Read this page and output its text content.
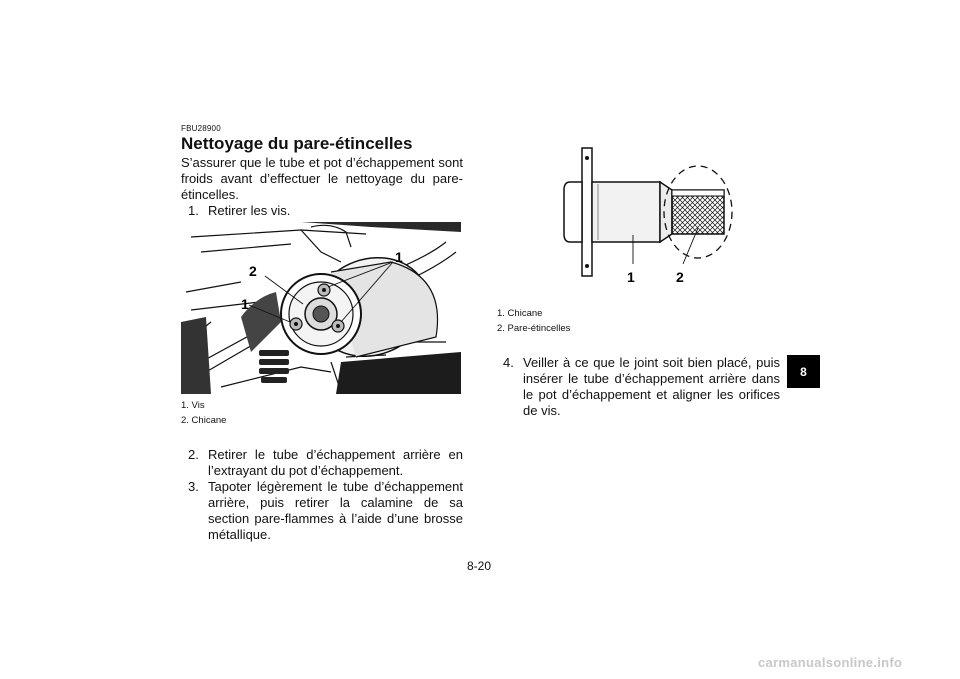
FBU28900
Nettoyage du pare-étincelles
S’assurer que le tube et pot d’échappement sont froids avant d’effectuer le nettoyage du pare-étincelles.
1. Retirer les vis.
2
1
1
1. Vis
2. Chicane
2. Retirer le tube d’échappement arrière en l’extrayant du pot d’échappement.
3. Tapoter légèrement le tube d’échappement arrière, puis retirer la calamine de sa section pare-flammes à l’aide d’une brosse métallique.
1	2
1. Chicane
2. Pare-étincelles
4. Veiller à ce que le joint soit bien placé, puis insérer le tube d’échappement arrière dans le pot d’échappement et aligner les orifices de vis.
8
8-20
carmanualsonline.info
